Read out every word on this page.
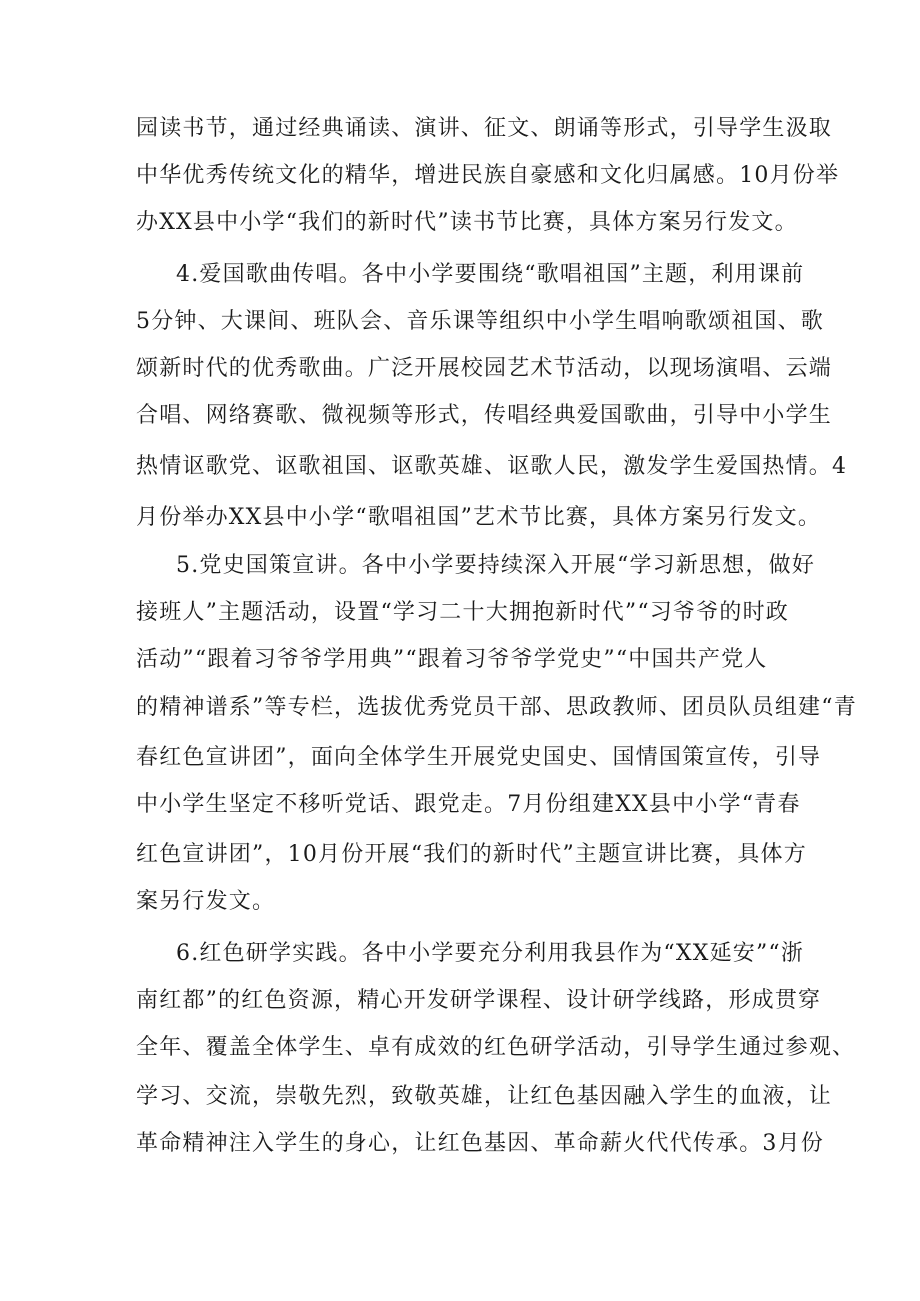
园读书节，通过经典诵读、演讲、征文、朗诵等形式，引导学生汲取
中华优秀传统文化的精华，增进民族自豪感和文化归属感。10月份举
办XX县中小学“我们的新时代”读书节比赛，具体方案另行发文。
4.爱国歌曲传唱。各中小学要围绕“歌唱祖国”主题，利用课前
5分钟、大课间、班队会、音乐课等组织中小学生唱响歌颂祖国、歌
颂新时代的优秀歌曲。广泛开展校园艺术节活动，以现场演唱、云端
合唱、网络赛歌、微视频等形式，传唱经典爱国歌曲，引导中小学生
热情讴歌党、讴歌祖国、讴歌英雄、讴歌人民，激发学生爱国热情。4
月份举办XX县中小学“歌唱祖国”艺术节比赛，具体方案另行发文。
5.党史国策宣讲。各中小学要持续深入开展“学习新思想，做好
接班人”主题活动，设置“学习二十大拥抱新时代”“习爷爷的时政
活动”“跟着习爷爷学用典”“跟着习爷爷学党史”“中国共产党人
的精神谱系”等专栏，选拔优秀党员干部、思政教师、团员队员组建“青
春红色宣讲团”，面向全体学生开展党史国史、国情国策宣传，引导
中小学生坚定不移听党话、跟党走。7月份组建XX县中小学“青春
红色宣讲团”，10月份开展“我们的新时代”主题宣讲比赛，具体方
案另行发文。
6.红色研学实践。各中小学要充分利用我县作为“XX延安”“浙
南红都”的红色资源，精心开发研学课程、设计研学线路，形成贯穿
全年、覆盖全体学生、卓有成效的红色研学活动，引导学生通过参观、
学习、交流，崇敬先烈，致敬英雄，让红色基因融入学生的血液，让
革命精神注入学生的身心，让红色基因、革命薪火代代传承。3月份
